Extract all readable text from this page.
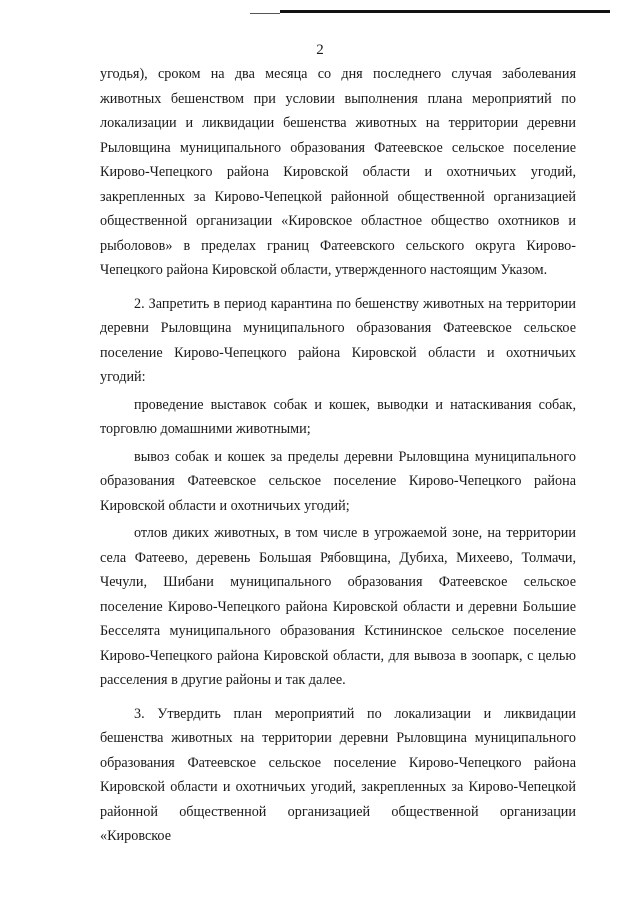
2

угодья), сроком на два месяца со дня последнего случая заболевания животных бешенством при условии выполнения плана мероприятий по локализации и ликвидации бешенства животных на территории деревни Рыловщина муниципального образования Фатеевское сельское поселение Кирово-Чепецкого района Кировской области и охотничьих угодий, закрепленных за Кирово-Чепецкой районной общественной организацией общественной организации «Кировское областное общество охотников и рыболовов» в пределах границ Фатеевского сельского округа Кирово-Чепецкого района Кировской области, утвержденного настоящим Указом.

2. Запретить в период карантина по бешенству животных на территории деревни Рыловщина муниципального образования Фатеевское сельское поселение Кирово-Чепецкого района Кировской области и охотничьих угодий:

проведение выставок собак и кошек, выводки и натаскивания собак, торговлю домашними животными;

вывоз собак и кошек за пределы деревни Рыловщина муниципального образования Фатеевское сельское поселение Кирово-Чепецкого района Кировской области и охотничьих угодий;

отлов диких животных, в том числе в угрожаемой зоне, на территории села Фатеево, деревень Большая Рябовщина, Дубиха, Михеево, Толмачи, Чечули, Шибани муниципального образования Фатеевское сельское поселение Кирово-Чепецкого района Кировской области и деревни Большие Бесселята муниципального образования Кстининское сельское поселение Кирово-Чепецкого района Кировской области, для вывоза в зоопарк, с целью расселения в другие районы и так далее.

3. Утвердить план мероприятий по локализации и ликвидации бешенства животных на территории деревни Рыловщина муниципального образования Фатеевское сельское поселение Кирово-Чепецкого района Кировской области и охотничьих угодий, закрепленных за Кирово-Чепецкой районной общественной организацией общественной организации «Кировское
